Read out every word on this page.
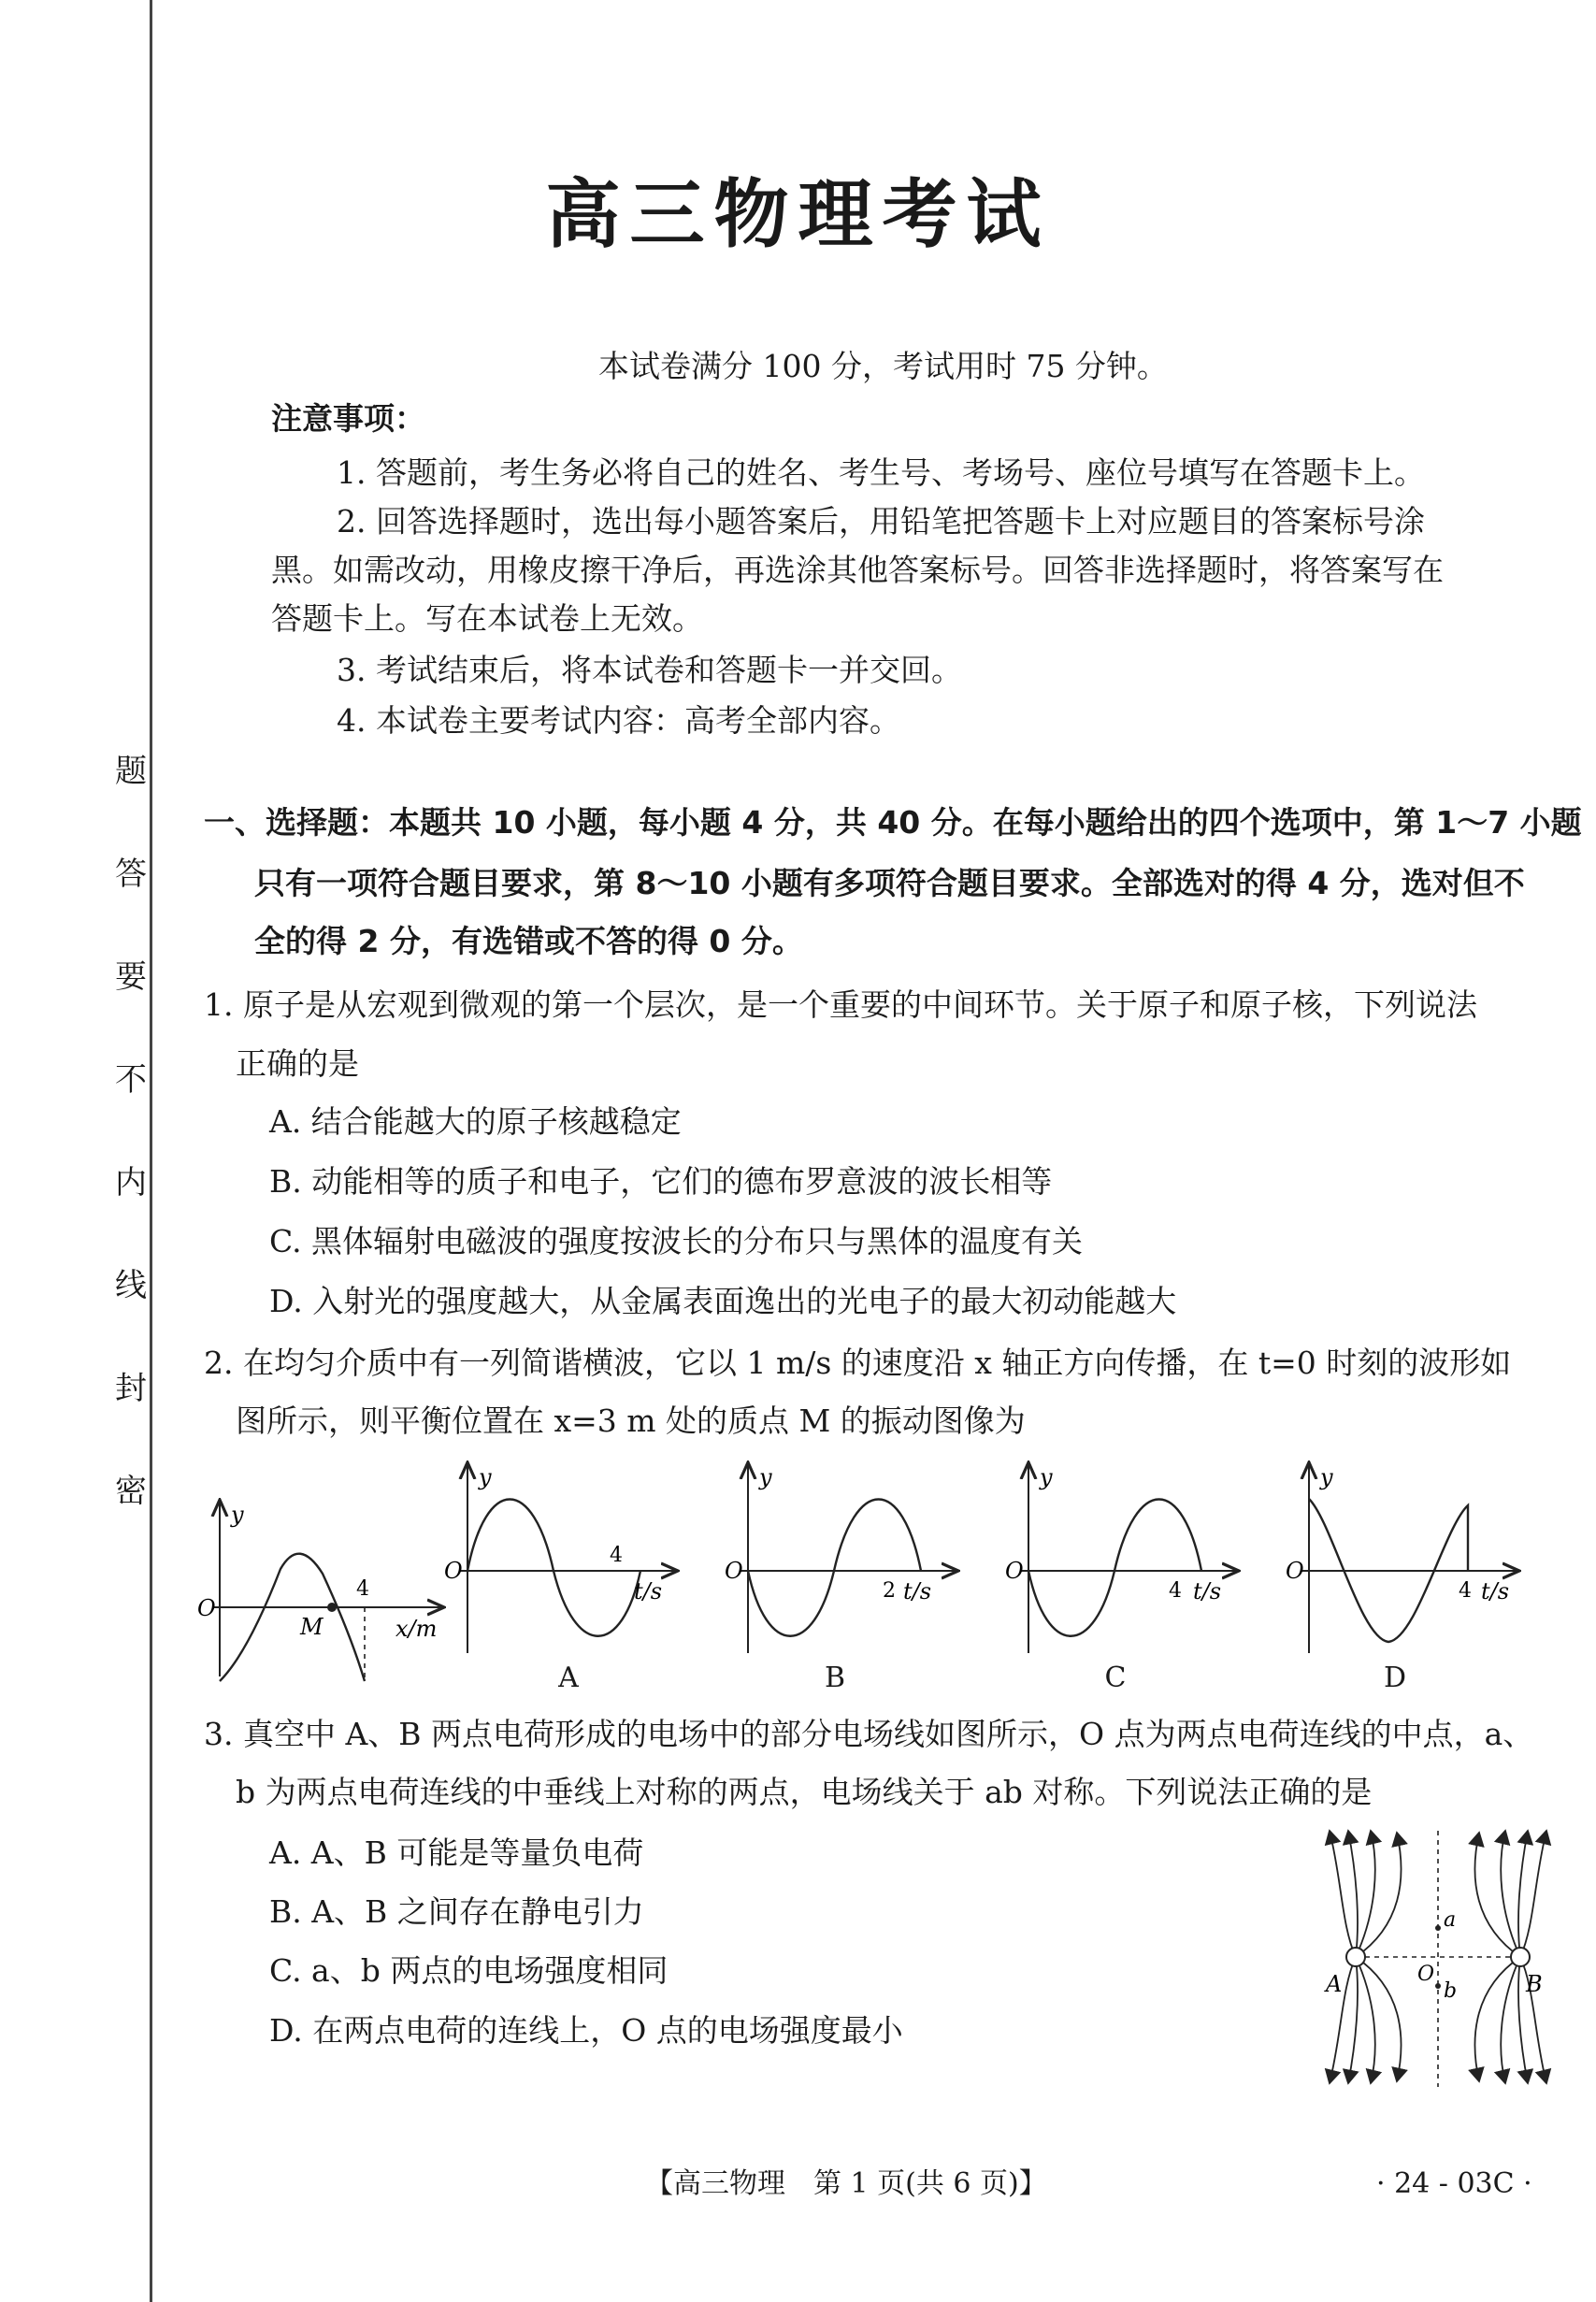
题
答
要
不
内
线
封
密
高三物理考试
本试卷满分 100 分，考试用时 75 分钟。
注意事项：
1. 答题前，考生务必将自己的姓名、考生号、考场号、座位号填写在答题卡上。
2. 回答选择题时，选出每小题答案后，用铅笔把答题卡上对应题目的答案标号涂
黑。如需改动，用橡皮擦干净后，再选涂其他答案标号。回答非选择题时，将答案写在
答题卡上。写在本试卷上无效。
3. 考试结束后，将本试卷和答题卡一并交回。
4. 本试卷主要考试内容：高考全部内容。
一、选择题：本题共 10 小题，每小题 4 分，共 40 分。在每小题给出的四个选项中，第 1～7 小题
只有一项符合题目要求，第 8～10 小题有多项符合题目要求。全部选对的得 4 分，选对但不
全的得 2 分，有选错或不答的得 0 分。
1. 原子是从宏观到微观的第一个层次，是一个重要的中间环节。关于原子和原子核，下列说法
正确的是
A. 结合能越大的原子核越稳定
B. 动能相等的质子和电子，它们的德布罗意波的波长相等
C. 黑体辐射电磁波的强度按波长的分布只与黑体的温度有关
D. 入射光的强度越大，从金属表面逸出的光电子的最大初动能越大
2. 在均匀介质中有一列简谐横波，它以 1 m/s 的速度沿 x 轴正方向传播，在 t=0 时刻的波形如
图所示，则平衡位置在 x=3 m 处的质点 M 的振动图像为
y
O
4
M	x/m
y
O
4
t/s
A
y
O
2 t/s
B
y
O
4 t/s
C
y
O
4 t/s
D
3. 真空中 A、B 两点电荷形成的电场中的部分电场线如图所示，O 点为两点电荷连线的中点，a、
b 为两点电荷连线的中垂线上对称的两点，电场线关于 ab 对称。下列说法正确的是
A. A、B 可能是等量负电荷
B. A、B 之间存在静电引力
C. a、b 两点的电场强度相同
D. 在两点电荷的连线上，O 点的电场强度最小
A	B
O
a
b
【高三物理　第 1 页(共 6 页)】	· 24 - 03C ·
